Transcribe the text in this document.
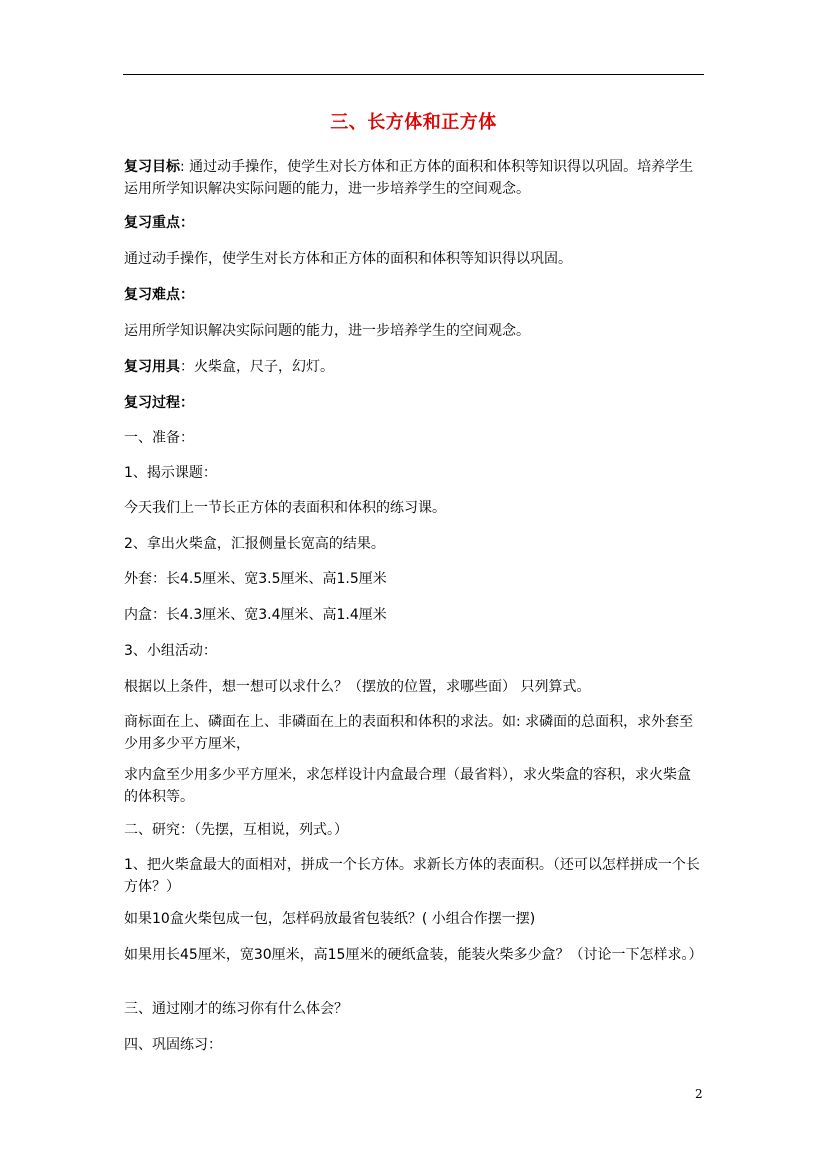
三、长方体和正方体

复习目标: 通过动手操作，使学生对长方体和正方体的面积和体积等知识得以巩固。培养学生运用所学知识解决实际问题的能力，进一步培养学生的空间观念。

复习重点：

通过动手操作，使学生对长方体和正方体的面积和体积等知识得以巩固。

复习难点：

运用所学知识解决实际问题的能力，进一步培养学生的空间观念。

复习用具：火柴盒，尺子，幻灯。

复习过程：

一、准备：

1、揭示课题：

今天我们上一节长正方体的表面积和体积的练习课。

2、拿出火柴盒，汇报侧量长宽高的结果。

外套：长4.5厘米、宽3.5厘米、高1.5厘米

内盒：长4.3厘米、宽3.4厘米、高1.4厘米

3、小组活动：

根据以上条件，想一想可以求什么？（摆放的位置，求哪些面） 只列算式。

商标面在上、磷面在上、非磷面在上的表面积和体积的求法。如: 求磷面的总面积，求外套至少用多少平方厘米，

求内盒至少用多少平方厘米，求怎样设计内盒最合理（最省料），求火柴盒的容积，求火柴盒的体积等。

二、研究：（先摆，互相说，列式。）

1、把火柴盒最大的面相对，拼成一个长方体。求新长方体的表面积。（还可以怎样拼成一个长方体？）

如果10盒火柴包成一包，怎样码放最省包装纸？( 小组合作摆一摆)

如果用长45厘米，宽30厘米，高15厘米的硬纸盒装，能装火柴多少盒？（讨论一下怎样求。）

三、通过刚才的练习你有什么体会？

四、巩固练习：

2
